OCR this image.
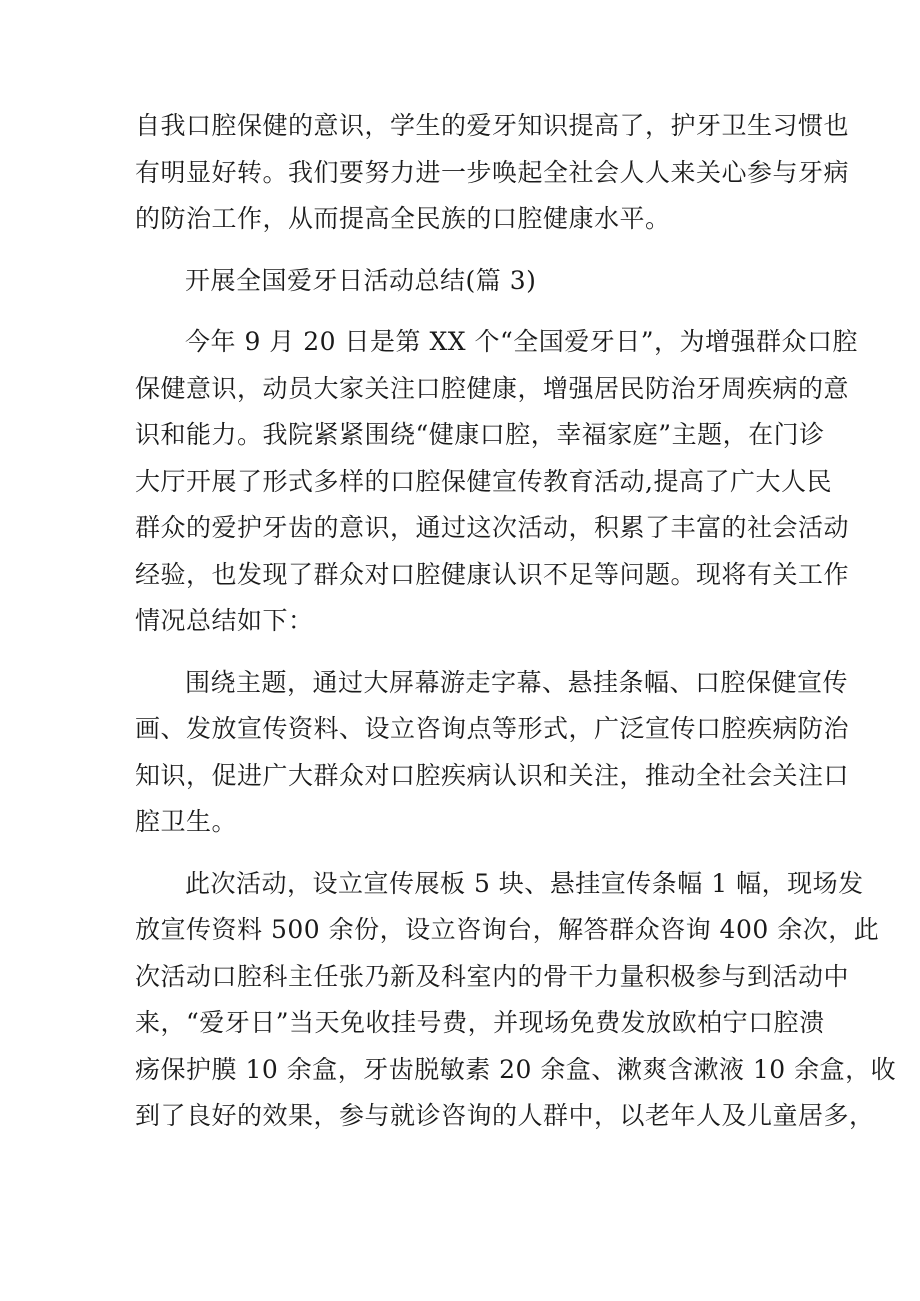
自我口腔保健的意识，学生的爱牙知识提高了，护牙卫生习惯也
有明显好转。我们要努力进一步唤起全社会人人来关心参与牙病
的防治工作，从而提高全民族的口腔健康水平。
开展全国爱牙日活动总结(篇 3)
今年 9 月 20 日是第 XX 个“全国爱牙日”，为增强群众口腔
保健意识，动员大家关注口腔健康，增强居民防治牙周疾病的意
识和能力。我院紧紧围绕“健康口腔，幸福家庭”主题，在门诊
大厅开展了形式多样的口腔保健宣传教育活动,提高了广大人民
群众的爱护牙齿的意识，通过这次活动，积累了丰富的社会活动
经验，也发现了群众对口腔健康认识不足等问题。现将有关工作
情况总结如下：
围绕主题，通过大屏幕游走字幕、悬挂条幅、口腔保健宣传
画、发放宣传资料、设立咨询点等形式，广泛宣传口腔疾病防治
知识，促进广大群众对口腔疾病认识和关注，推动全社会关注口
腔卫生。
此次活动，设立宣传展板 5 块、悬挂宣传条幅 1 幅，现场发
放宣传资料 500 余份，设立咨询台，解答群众咨询 400 余次，此
次活动口腔科主任张乃新及科室内的骨干力量积极参与到活动中
来，“爱牙日”当天免收挂号费，并现场免费发放欧柏宁口腔溃
疡保护膜 10 余盒，牙齿脱敏素 20 余盒、漱爽含漱液 10 余盒，收
到了良好的效果，参与就诊咨询的人群中，以老年人及儿童居多，
